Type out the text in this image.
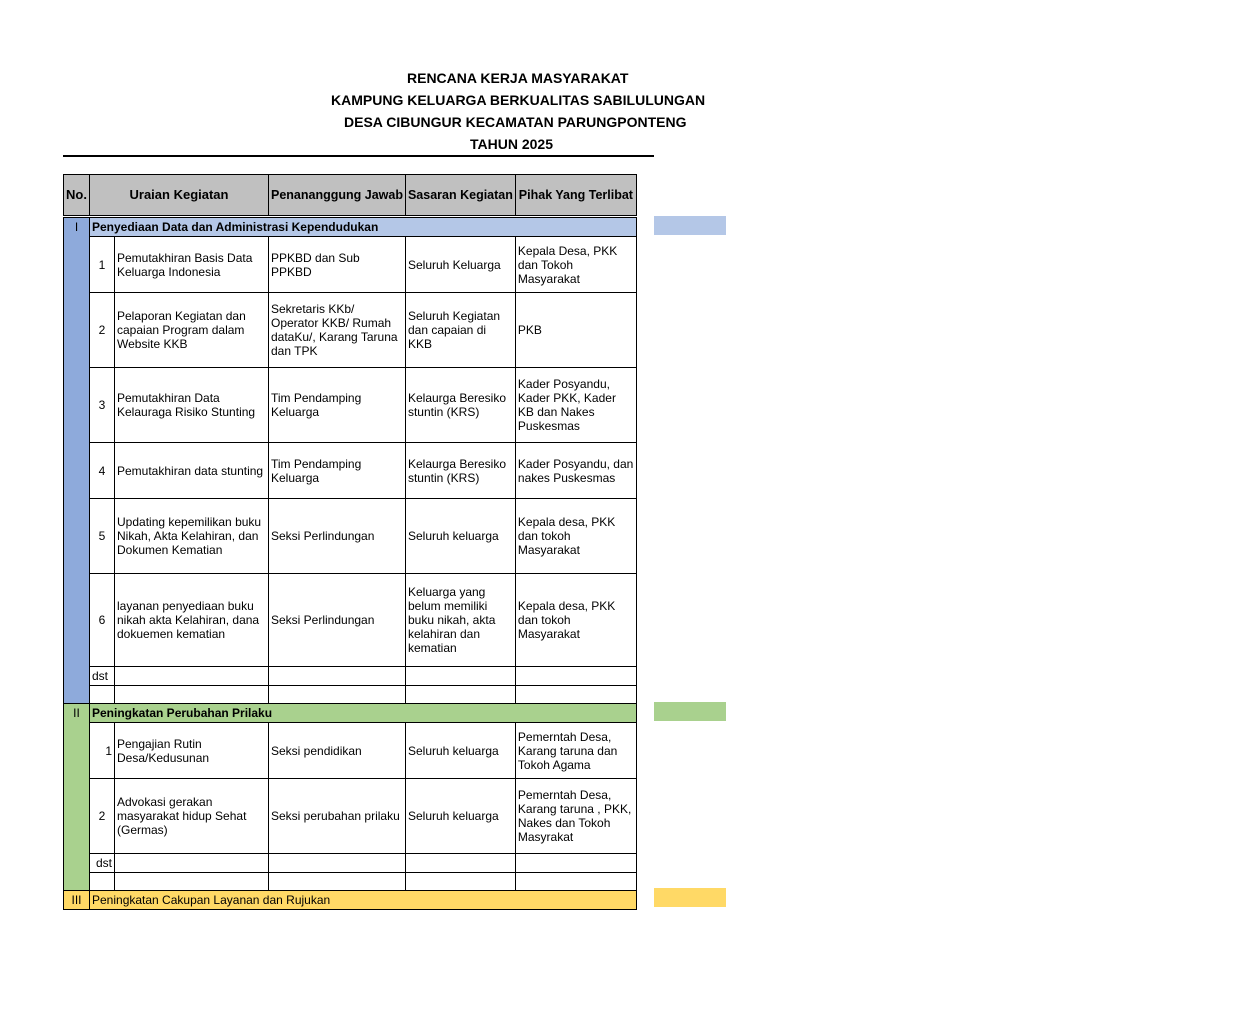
RENCANA KERJA MASYARAKAT
KAMPUNG KELUARGA BERKUALITAS SABILULUNGAN
DESA CIBUNGUR KECAMATAN PARUNGPONTENG
TAHUN 2025
No.	Uraian Kegiatan		Penananggung Jawab	Sasaran Kegiatan	Pihak Yang Terlibat

I	Penyediaan Data dan Administrasi Kependudukan				
	1	Pemutakhiran Basis Data Keluarga Indonesia	PPKBD dan Sub PPKBD	Seluruh Keluarga	Kepala Desa, PKK dan Tokoh Masyarakat
	2	Pelaporan Kegiatan dan capaian Program dalam Website KKB	Sekretaris KKb/ Operator KKB/ Rumah dataKu/, Karang Taruna dan TPK	Seluruh Kegiatan dan capaian di KKB	PKB
	3	Pemutakhiran Data Kelauraga Risiko Stunting	Tim Pendamping Keluarga	Kelaurga Beresiko stuntin (KRS)	Kader Posyandu, Kader PKK, Kader KB dan Nakes Puskesmas
	4	Pemutakhiran data stunting	Tim Pendamping Keluarga	Kelaurga Beresiko stuntin (KRS)	Kader Posyandu, dan nakes Puskesmas
	5	Updating kepemilikan buku Nikah, Akta Kelahiran, dan Dokumen Kematian	Seksi Perlindungan	Seluruh keluarga	Kepala desa, PKK dan tokoh Masyarakat
	6	layanan penyediaan buku nikah akta Kelahiran, dana dokuemen kematian	Seksi Perlindungan	Keluarga yang belum memiliki buku nikah, akta kelahiran dan kematian	Kepala desa, PKK dan tokoh Masyarakat
	dst				

II	Peningkatan Perubahan Prilaku				
	1	Pengajian Rutin Desa/Kedusunan	Seksi pendidikan	Seluruh keluarga	Pemerntah Desa, Karang taruna dan Tokoh Agama
	2	Advokasi gerakan masyarakat hidup Sehat (Germas)	Seksi perubahan prilaku	Seluruh keluarga	Pemerntah Desa, Karang taruna , PKK, Nakes dan Tokoh Masyrakat
	dst				

III	Peningkatan Cakupan Layanan dan Rujukan				
